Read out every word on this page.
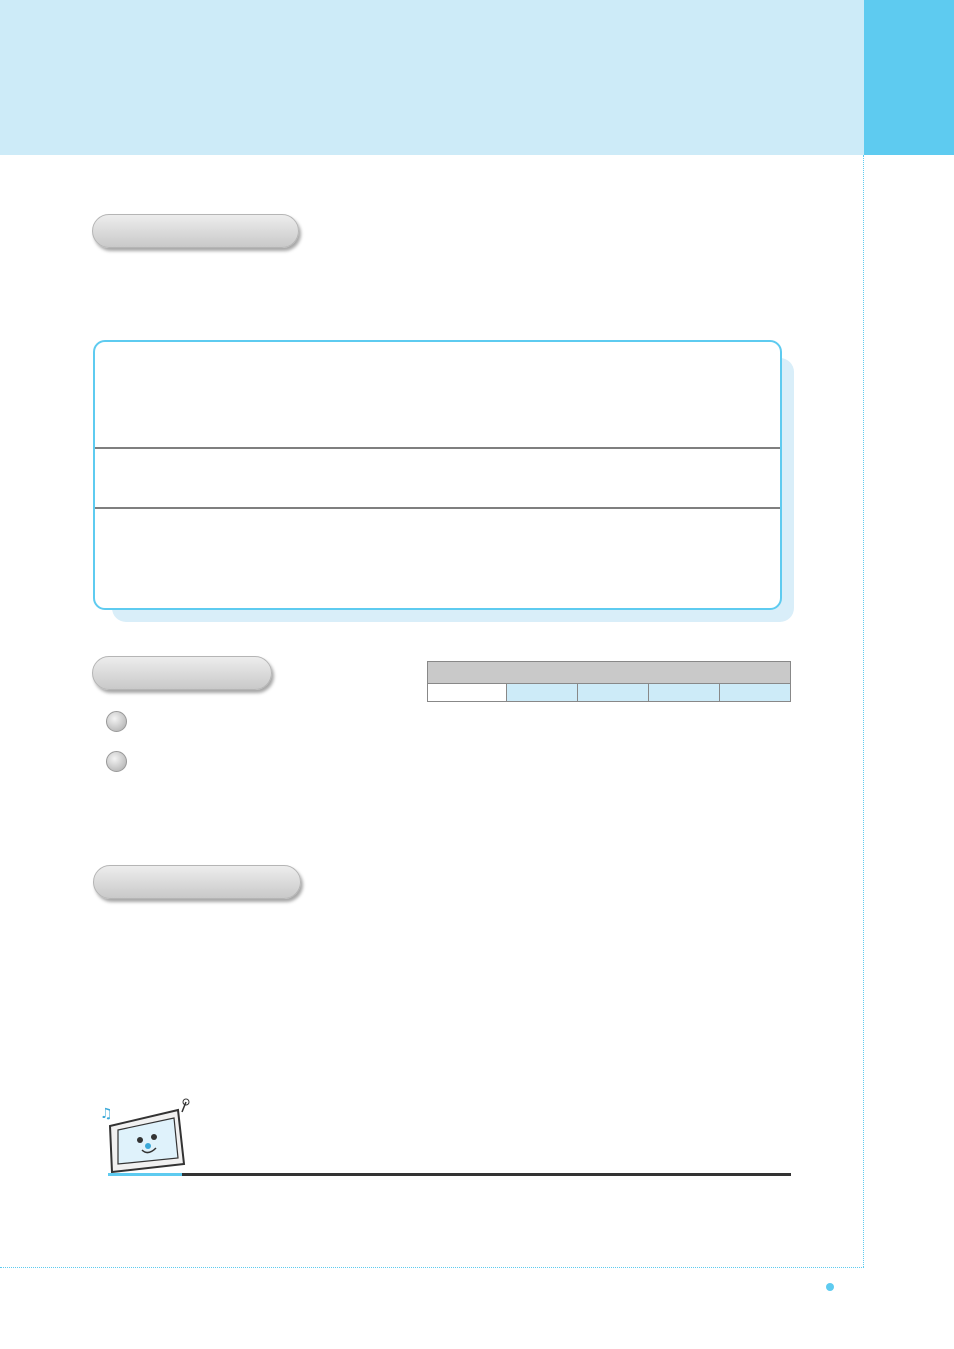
♫
